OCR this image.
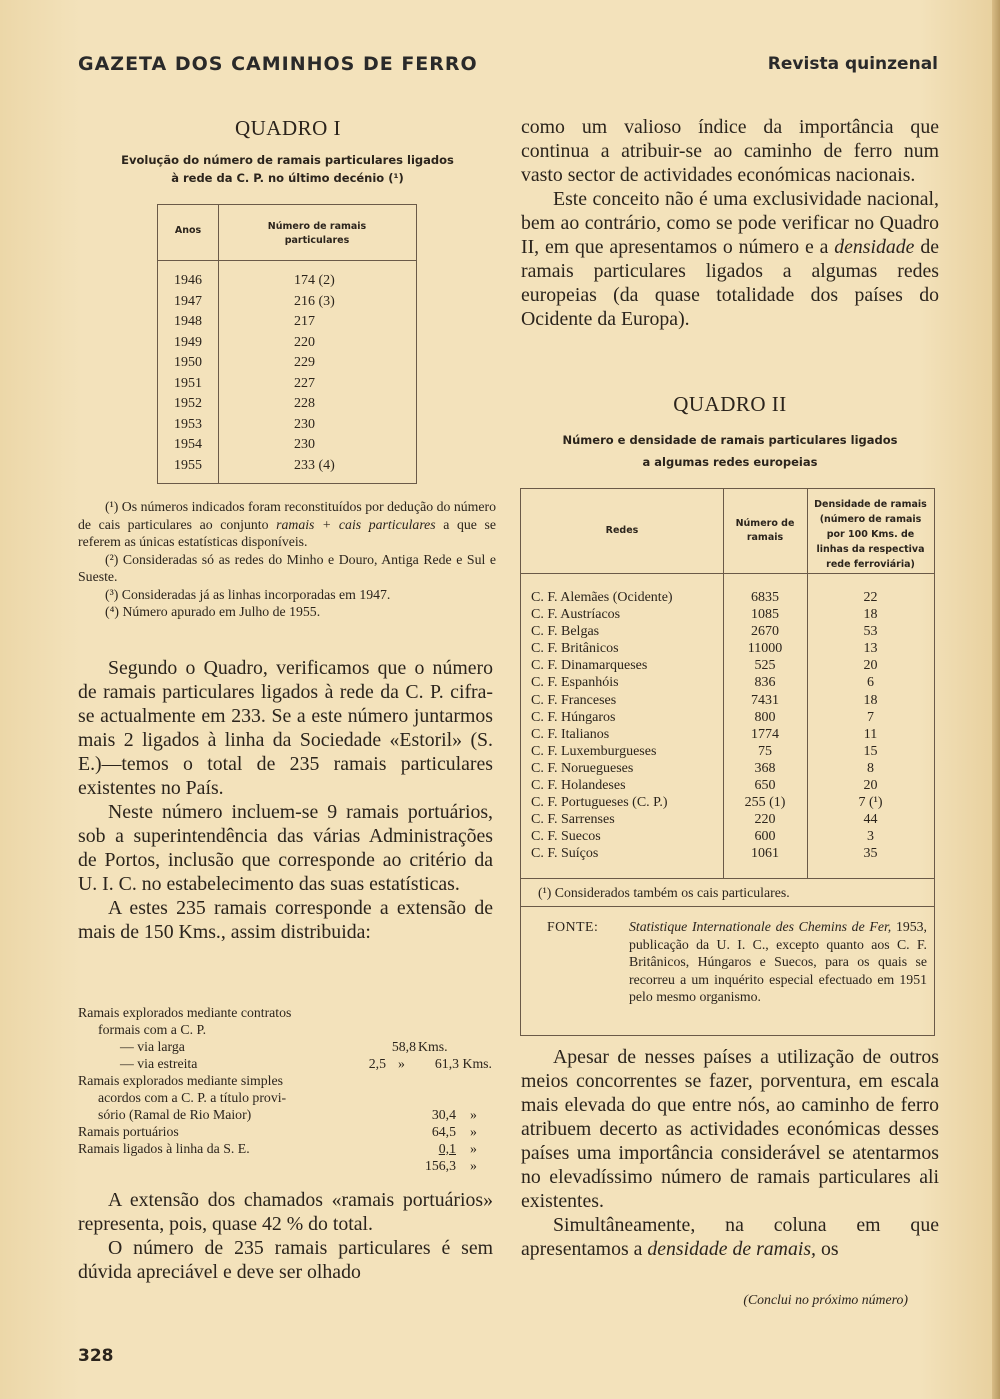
GAZETA DOS CAMINHOS DE FERRO	Revista quinzenal
QUADRO I
Evolução do número de ramais particulares ligados
à rede da C. P. no último decénio (¹)
Anos	Número de ramais
particulares
1946	174 (2)
1947	216 (3)
1948	217
1949	220
1950	229
1951	227
1952	228
1953	230
1954	230
1955	233 (4)

(¹) Os números indicados foram reconstituídos por dedução do número de cais particulares ao conjunto ramais + cais particulares a que se referem as únicas estatísticas disponíveis.

(²) Consideradas só as redes do Minho e Douro, Antiga Rede e Sul e Sueste.

(³) Consideradas já as linhas incorporadas em 1947.

(⁴) Número apurado em Julho de 1955.

Segundo o Quadro, verificamos que o número de ramais particulares ligados à rede da C. P. cifra-se actualmente em 233. Se a este número juntarmos mais 2 ligados à linha da Sociedade «Estoril» (S. E.)—temos o total de 235 ramais particulares existentes no País.

Neste número incluem-se 9 ramais portuários, sob a superintendência das várias Administrações de Portos, inclusão que corresponde ao critério da U. I. C. no estabelecimento das suas estatísticas.

A estes 235 ramais corresponde a extensão de mais de 150 Kms., assim distribuida:

Ramais explorados mediante contratos
formais com a C. P.
— via larga	58,8 Kms.
— via estreita	2,5 »	61,3 Kms.
Ramais explorados mediante simples
acordos com a C. P. a título provi-
sório (Ramal de Rio Maior)	30,4 »
Ramais portuários	64,5 »
Ramais ligados à linha da S. E.	0,1 »
156,3 »

A extensão dos chamados «ramais portuários» representa, pois, quase 42 % do total.

O número de 235 ramais particulares é sem dúvida apreciável e deve ser olhado

328

como um valioso índice da importância que continua a atribuir-se ao caminho de ferro num vasto sector de actividades económicas nacionais.

Este conceito não é uma exclusividade nacional, bem ao contrário, como se pode verificar no Quadro II, em que apresentamos o número e a densidade de ramais particulares ligados a algumas redes europeias (da quase totalidade dos países do Ocidente da Europa).

QUADRO II
Número e densidade de ramais particulares ligados
a algumas redes europeias
Redes
Número de
ramais
Densidade de ramais
(número de ramais
por 100 Kms. de
linhas da respectiva
rede ferroviária)
C. F. Alemães (Ocidente)	6835	22
C. F. Austríacos	1085	18
C. F. Belgas	2670	53
C. F. Britânicos	11000	13
C. F. Dinamarqueses	525	20
C. F. Espanhóis	836	6
C. F. Franceses	7431	18
C. F. Húngaros	800	7
C. F. Italianos	1774	11
C. F. Luxemburgueses	75	15
C. F. Noruegueses	368	8
C. F. Holandeses	650	20
C. F. Portugueses (C. P.)	255 (1)	7 (¹)
C. F. Sarrenses	220	44
C. F. Suecos	600	3
C. F. Suíços	1061	35
(¹) Considerados também os cais particulares.
FONTE: Statistique Internationale des Chemins de Fer, 1953, publicação da U. I. C., excepto quanto aos C. F. Britânicos, Húngaros e Suecos, para os quais se recorreu a um inquérito especial efectuado em 1951 pelo mesmo organismo.

Apesar de nesses países a utilização de outros meios concorrentes se fazer, porventura, em escala mais elevada do que entre nós, ao caminho de ferro atribuem decerto as actividades económicas desses países uma importância considerável se atentarmos no elevadíssimo número de ramais particulares ali existentes.

Simultâneamente, na coluna em que apresentamos a densidade de ramais, os

(Conclui no próximo número)
